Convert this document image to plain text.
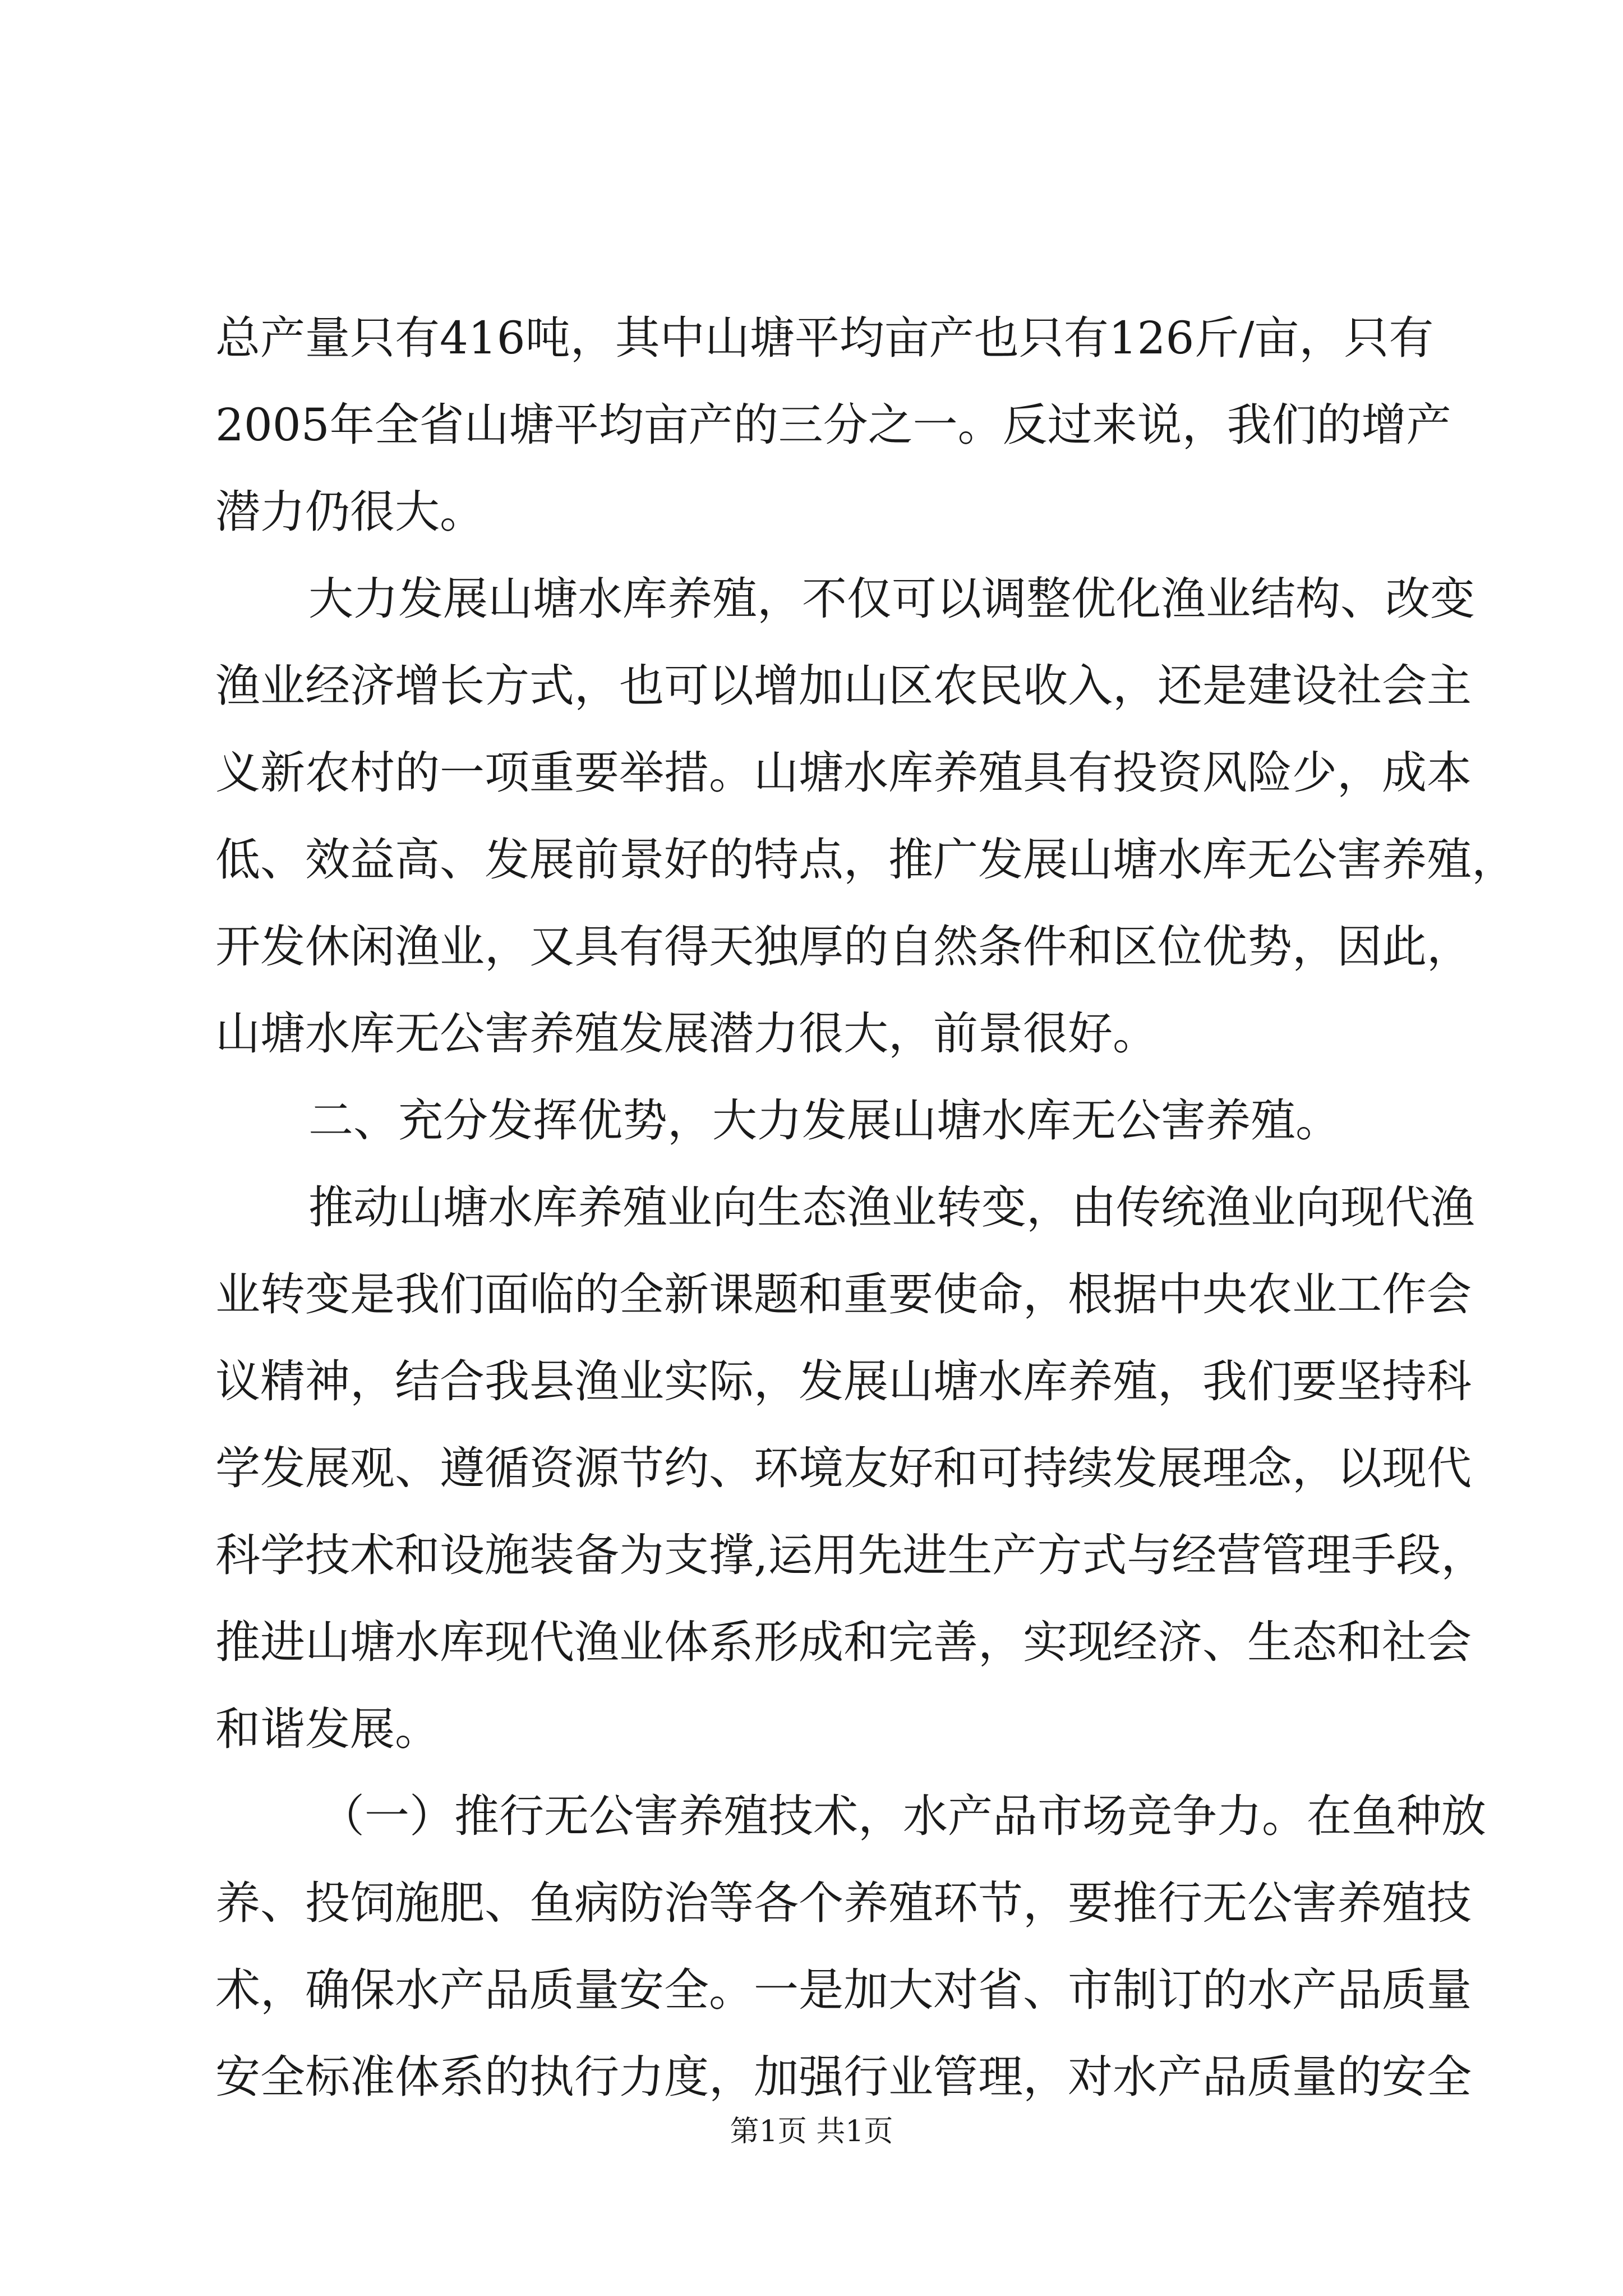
总产量只有416吨，其中山塘平均亩产也只有126斤/亩，只有
2005年全省山塘平均亩产的三分之一。反过来说，我们的增产
潜力仍很大。
大力发展山塘水库养殖，不仅可以调整优化渔业结构、改变
渔业经济增长方式，也可以增加山区农民收入，还是建设社会主
义新农村的一项重要举措。山塘水库养殖具有投资风险少，成本
低、效益高、发展前景好的特点，推广发展山塘水库无公害养殖，
开发休闲渔业，又具有得天独厚的自然条件和区位优势，因此，
山塘水库无公害养殖发展潜力很大，前景很好。
二、充分发挥优势，大力发展山塘水库无公害养殖。
推动山塘水库养殖业向生态渔业转变，由传统渔业向现代渔
业转变是我们面临的全新课题和重要使命，根据中央农业工作会
议精神，结合我县渔业实际，发展山塘水库养殖，我们要坚持科
学发展观、遵循资源节约、环境友好和可持续发展理念，以现代
科学技术和设施装备为支撑,运用先进生产方式与经营管理手段，
推进山塘水库现代渔业体系形成和完善，实现经济、生态和社会
和谐发展。
（一）推行无公害养殖技术，水产品市场竞争力。在鱼种放
养、投饲施肥、鱼病防治等各个养殖环节，要推行无公害养殖技
术，确保水产品质量安全。一是加大对省、市制订的水产品质量
安全标准体系的执行力度，加强行业管理，对水产品质量的安全
第1页 共1页
